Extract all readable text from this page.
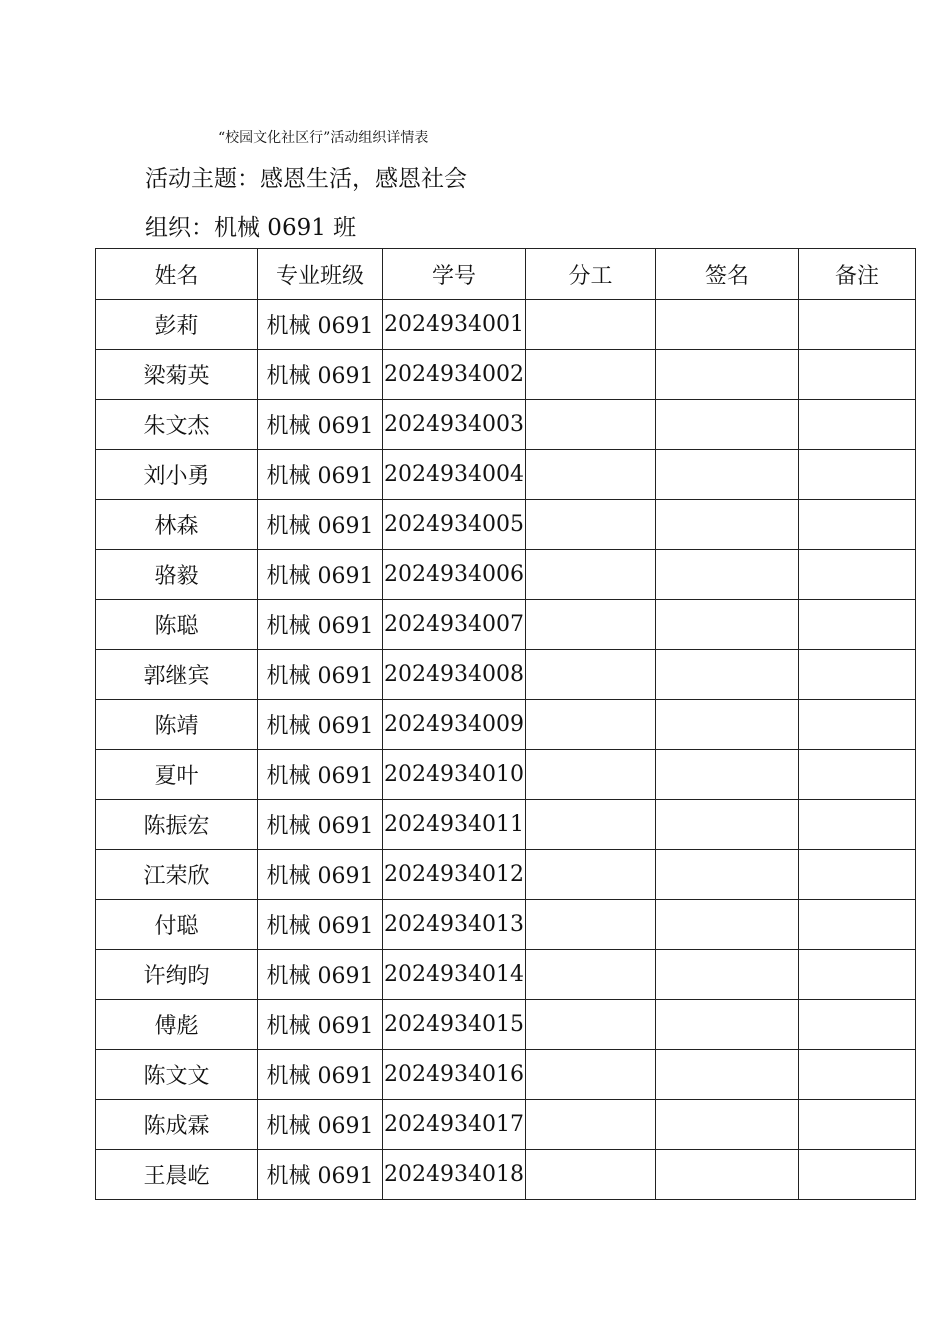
“校园文化社区行”活动组织详情表
活动主题：感恩生活，感恩社会
组织：机械 0691 班
姓名	专业班级	学号	分工	签名	备注
彭莉	机械 0691	2024934001			
梁菊英	机械 0691	2024934002			
朱文杰	机械 0691	2024934003			
刘小勇	机械 0691	2024934004			
林森	机械 0691	2024934005			
骆毅	机械 0691	2024934006			
陈聪	机械 0691	2024934007			
郭继宾	机械 0691	2024934008			
陈靖	机械 0691	2024934009			
夏叶	机械 0691	2024934010			
陈振宏	机械 0691	2024934011			
江荣欣	机械 0691	2024934012			
付聪	机械 0691	2024934013			
许绚昀	机械 0691	2024934014			
傅彪	机械 0691	2024934015			
陈文文	机械 0691	2024934016			
陈成霖	机械 0691	2024934017			
王晨屹	机械 0691	2024934018			
